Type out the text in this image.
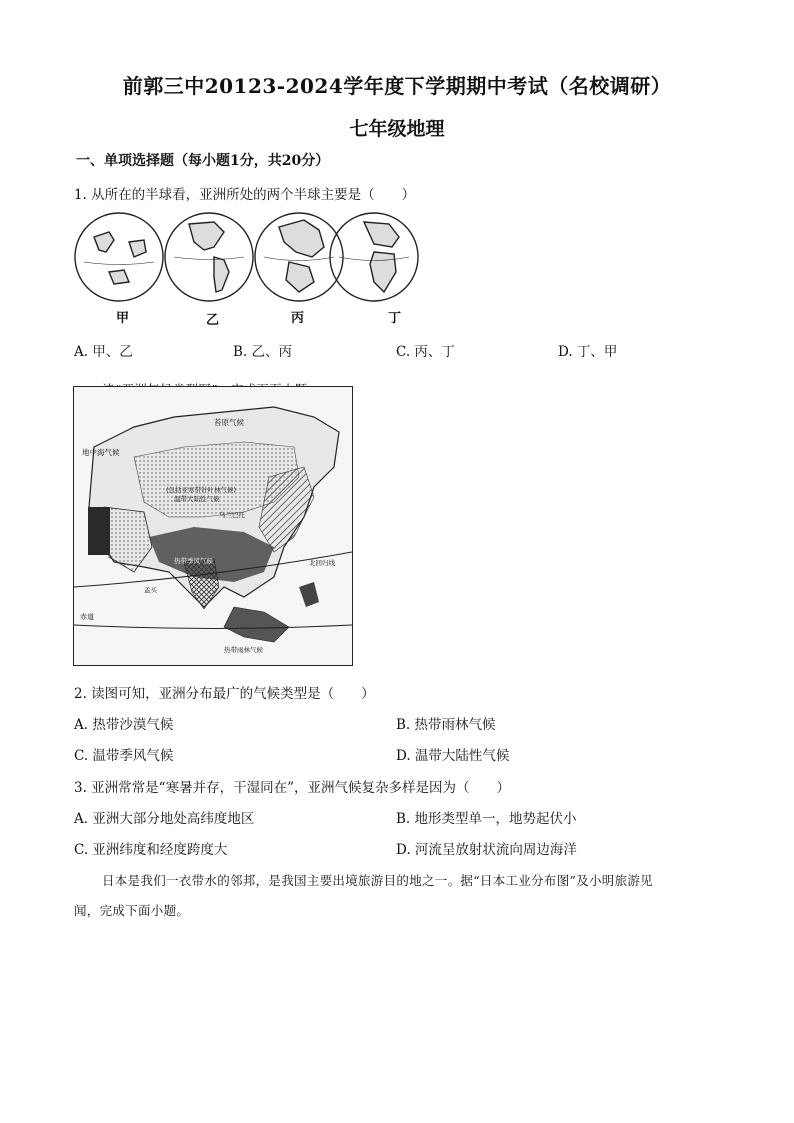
前郭三中20123-2024学年度下学期期中考试（名校调研）
七年级地理
一、单项选择题（每小题1分，共20分）
1. 从所在的半球看，亚洲所处的两个半球主要是（　　）
甲	乙	丙	丁
A. 甲、乙	B. 乙、丙	C. 丙、丁	D. 丁、甲
苔原气候
地中海气候
(包括亚寒带针叶林气候)
温带大陆性气候
乌兰巴托
热带季风气候	北回归线
赤道
孟买
热带雨林气候
2. 读图可知，亚洲分布最广的气候类型是（　　）
A. 热带沙漠气候	B. 热带雨林气候
C. 温带季风气候	D. 温带大陆性气候
3. 亚洲常常是“寒暑并存，干湿同在”，亚洲气候复杂多样是因为（　　）
A. 亚洲大部分地处高纬度地区	B. 地形类型单一，地势起伏小
C. 亚洲纬度和经度跨度大	D. 河流呈放射状流向周边海洋
日本是我们一衣带水的邻邦，是我国主要出境旅游目的地之一。据“日本工业分布图”及小明旅游见
闻，完成下面小题。
